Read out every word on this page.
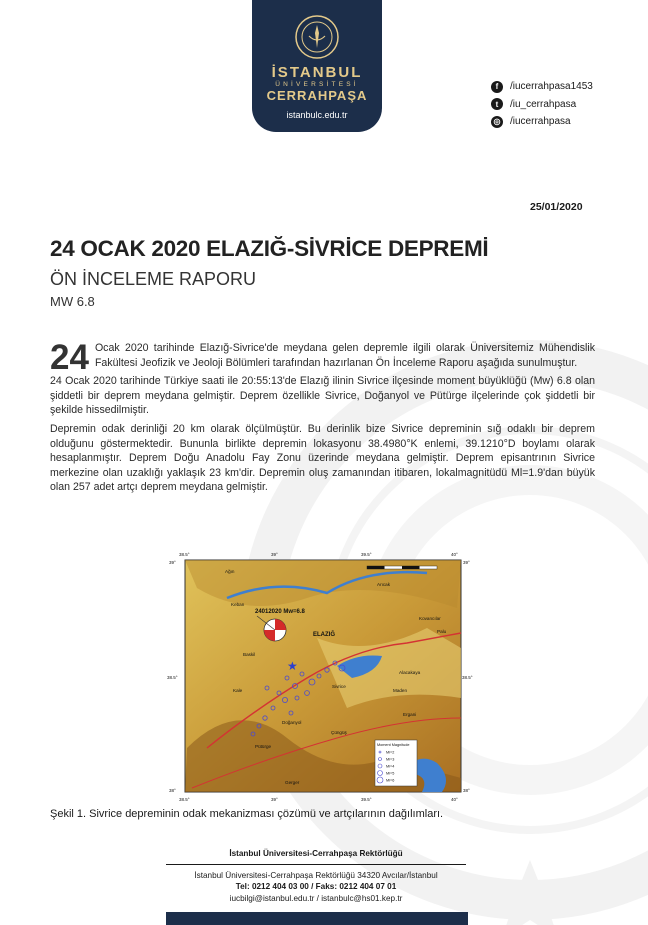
İSTANBUL
ÜNİVERSİTESİ
CERRAHPAŞA
istanbulc.edu.tr
f	/iucerrahpasa1453
t	/iu_cerrahpasa
◎ /iucerrahpasa
25/01/2020
24 OCAK 2020 ELAZIĞ-SİVRİCE DEPREMİ
ÖN İNCELEME RAPORU
MW 6.8

24 Ocak 2020 tarihinde Elazığ-Sivrice'de meydana gelen depremle ilgili olarak Üniversitemiz Mühendislik Fakültesi Jeofizik ve Jeoloji Bölümleri tarafından hazırlanan Ön İnceleme Raporu aşağıda sunulmuştur.

24 Ocak 2020 tarihinde Türkiye saati ile 20:55:13'de Elazığ ilinin Sivrice ilçesinde moment büyüklüğü (Mw) 6.8 olan şiddetli bir deprem meydana gelmiştir. Deprem özellikle Sivrice, Doğanyol ve Pütürge ilçelerinde çok şiddetli bir şekilde hissedilmiştir.

Depremin odak derinliği 20 km olarak ölçülmüştür. Bu derinlik bize Sivrice depreminin sığ odaklı bir deprem olduğunu göstermektedir. Bununla birlikte depremin lokasyonu 38.4980°K enlemi, 39.1210°D boylamı olarak hesaplanmıştır. Deprem Doğu Anadolu Fay Zonu üzerinde meydana gelmiştir. Deprem episantrının Sivrice merkezine olan uzaklığı yaklaşık 23 km'dir. Depremin oluş zamanından itibaren, lokalmagnitüdü Ml=1.9'dan büyük olan 257 adet artçı deprem meydana gelmiştir.

★
24012020 Mw=6.8
Ağın
Keban
ELAZIĞ
Baskil
Kale
Sivrice
Doğanyol
Pütürge
Çüngüş
Gerger
Ergani
Maden
Alacakaya
Kovancılar
Palu
Arıcak
38.5°	39°	39.5°	40°
38.5°	39°	39.5°	40°
39°
38.5°
38°
39°
38.5°
38°
Moment Magnitude
Mi=2
Mi=3
Mi=4
Mi=5
Mi=6
Şekil 1. Sivrice depreminin odak mekanizması çözümü ve artçılarının dağılımları.
İstanbul Üniversitesi-Cerrahpaşa Rektörlüğü
İstanbul Üniversitesi-Cerrahpaşa Rektörlüğü 34320 Avcılar/İstanbul
Tel: 0212 404 03 00 / Faks: 0212 404 07 01
iucbilgi@istanbul.edu.tr / istanbulc@hs01.kep.tr
